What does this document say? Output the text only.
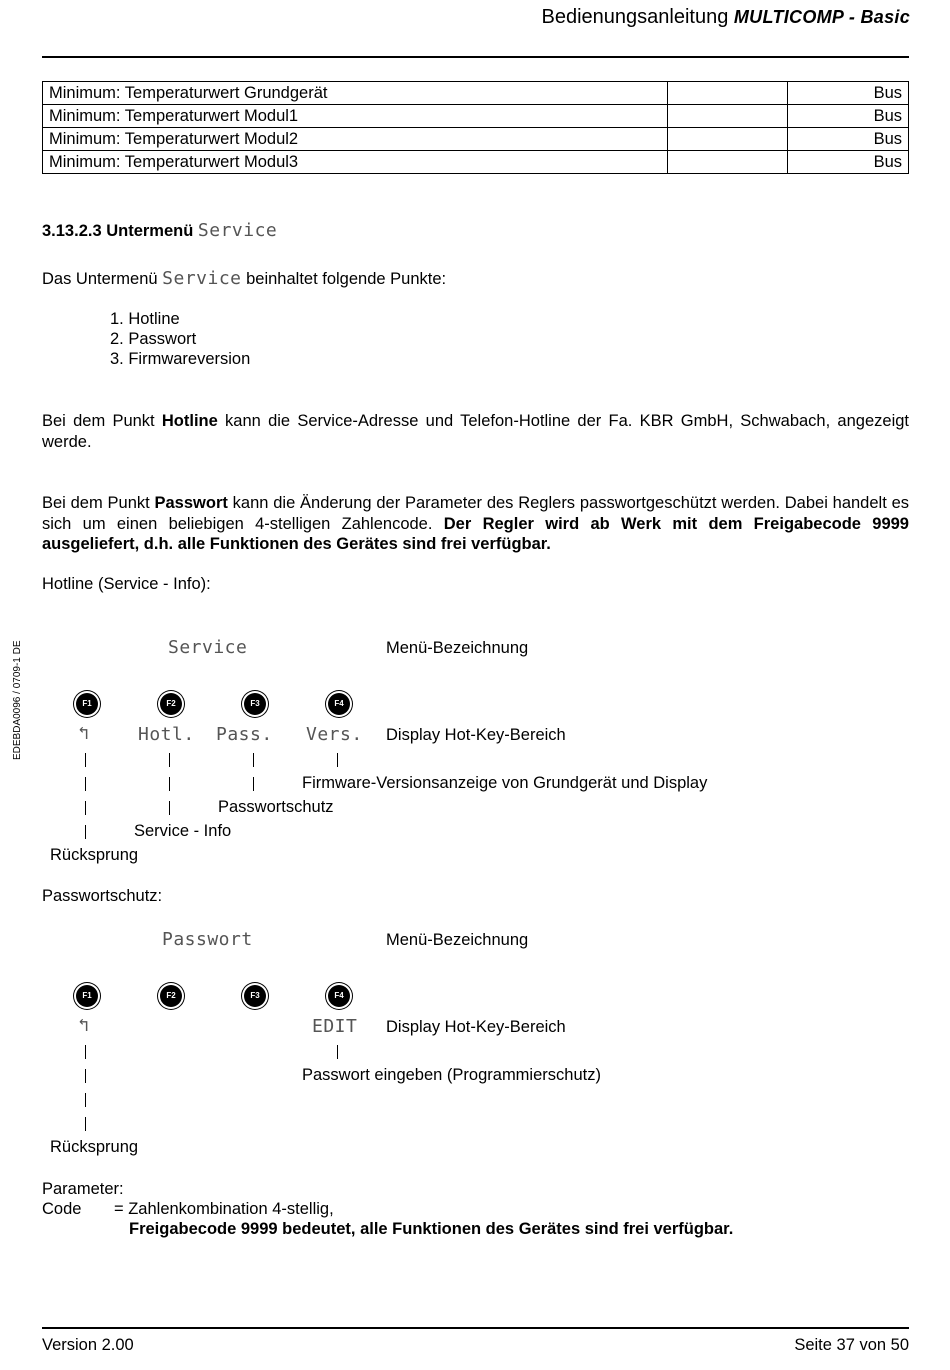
Bedienungsanleitung MULTICOMP - Basic
Minimum: Temperaturwert Grundgerät		Bus
Minimum: Temperaturwert Modul1		Bus
Minimum: Temperaturwert Modul2		Bus
Minimum: Temperaturwert Modul3		Bus
3.13.2.3 Untermenü Service
Das Untermenü Service beinhaltet folgende Punkte:
1. Hotline
2. Passwort
3. Firmwareversion
Bei dem Punkt Hotline kann die Service-Adresse und Telefon-Hotline der Fa. KBR GmbH, Schwabach, angezeigt werde.
Bei dem Punkt Passwort kann die Änderung der Parameter des Reglers passwortgeschützt werden. Dabei handelt es sich um einen beliebigen 4-stelligen Zahlencode. Der Regler wird ab Werk mit dem Freigabecode 9999 ausgeliefert, d.h. alle Funktionen des Gerätes sind frei verfügbar.
Hotline (Service - Info):
EDEBDA0096 / 0709-1 DE	Service	Menü-Bezeichnung
F1	F2	F3	F4
↰	Hotl. Pass. Vers. Display Hot-Key-Bereich
Firmware-Versionsanzeige von Grundgerät und Display
Passwortschutz
Service - Info
Rücksprung
Passwortschutz:
Passwort	Menü-Bezeichnung
F1	F2	F3	F4
↰	EDIT Display Hot-Key-Bereich
Passwort eingeben (Programmierschutz)
Rücksprung
Parameter:
Code = Zahlenkombination 4-stellig,
Freigabecode 9999 bedeutet, alle Funktionen des Gerätes sind frei verfügbar.
Version 2.00	Seite 37 von 50
